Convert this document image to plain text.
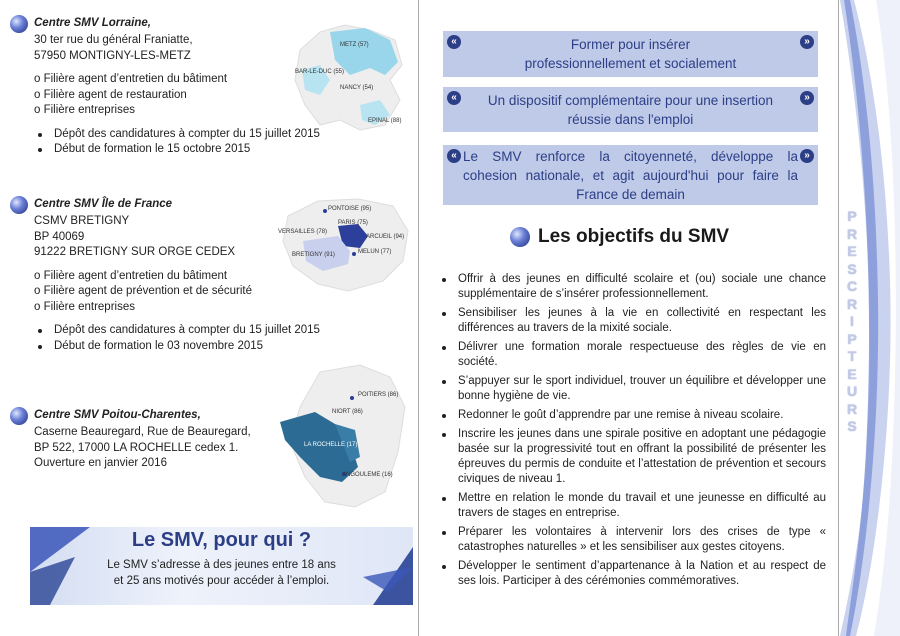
Centre SMV Lorraine,
30 ter rue du général Franiatte,
57950 MONTIGNY-LES-METZ
o Filière agent d’entretien du bâtiment
o Filière agent de restauration
o Filière entreprises
Dépôt des candidatures à compter du 15 juillet 2015
Début de formation le 15 octobre 2015
METZ (57)
BAR-LE-DUC (55)
NANCY (54)
EPINAL (88)
Centre SMV Île de France
CSMV BRETIGNY
BP 40069
91222 BRETIGNY SUR ORGE CEDEX
o Filière agent d’entretien du bâtiment
o Filière agent de prévention et de sécurité
o Filière entreprises
Dépôt des candidatures à compter du 15 juillet 2015
Début de formation le 03 novembre 2015
PONTOISE (95)
PARIS (75)
VERSAILLES (78)
ARCUEIL (94)
MELUN (77)
BRETIGNY (91)
Centre SMV Poitou-Charentes,
Caserne Beauregard, Rue de Beauregard,
BP 522, 17000 LA ROCHELLE cedex 1.
Ouverture en janvier 2016
POITIERS (86)
NIORT (86)
LA ROCHELLE (17)
ANGOULEME (16)
Le SMV, pour qui ?
Le SMV s’adresse à des jeunes entre 18 ans
et 25 ans motivés pour accéder à l’emploi.
«	»
Former pour insérer
professionnellement et socialement
«	»
Un dispositif complémentaire pour une insertion
réussie dans l'emploi
«	»
Le SMV renforce la citoyenneté, développe la
cohesion nationale, et agit aujourd'hui pour faire la
France de demain
Les objectifs du SMV
Offrir à des jeunes en difficulté scolaire et (ou) sociale une chance supplémentaire de s’insérer professionnellement.
Sensibiliser les jeunes à la vie en collectivité en respectant les différences au travers de la mixité sociale.
Délivrer une formation morale respectueuse des règles de vie en société.
S’appuyer sur le sport individuel, trouver un équilibre et développer une bonne hygiène de vie.
Redonner le goût d’apprendre par une remise à niveau scolaire.
Inscrire les jeunes dans une spirale positive en adoptant une pédagogie basée sur la progressivité tout en offrant la possibilité de présenter les épreuves du permis de conduite et l’attestation de prévention et secours civiques de niveau 1.
Mettre en relation le monde du travail et une jeunesse en difficulté au travers de stages en entreprise.
Préparer les volontaires à intervenir lors des crises de type « catastrophes naturelles » et les sensibiliser aux gestes citoyens.
Développer le sentiment d’appartenance à la Nation et au respect de ses lois. Participer à des cérémonies commémoratives.
P
R
E
S
C
R
I
P
T
E
U
R
S
